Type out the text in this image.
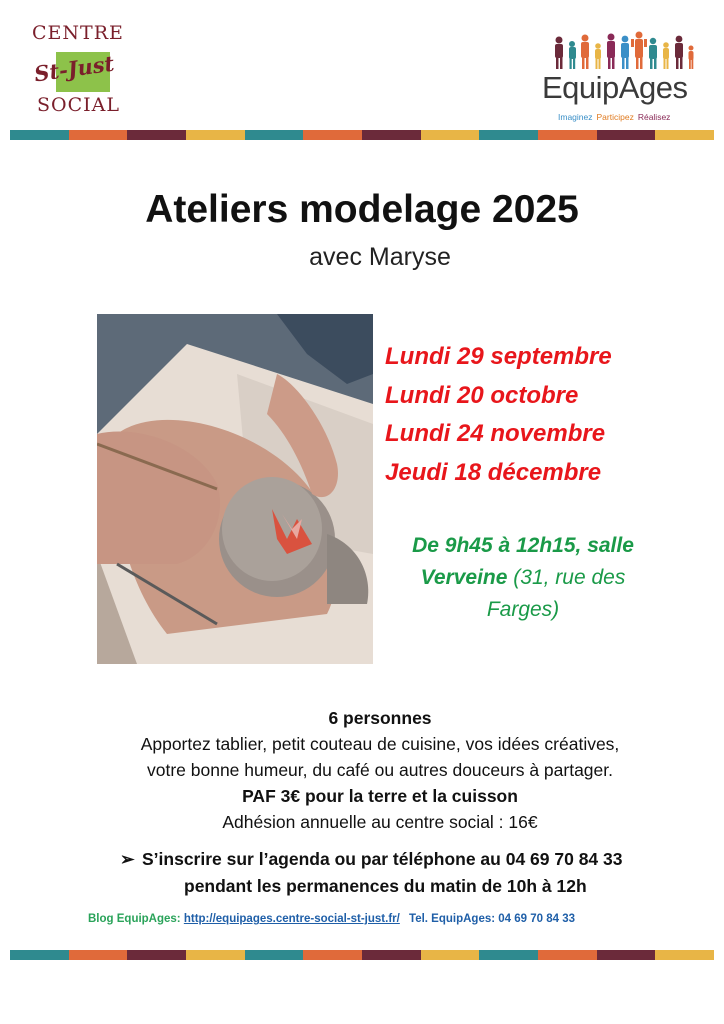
CENTRE
St-Just
SOCIAL	EquipAges
Imaginez Participez Réalisez
Ateliers modelage 2025
avec Maryse
Lundi 29 septembre
Lundi 20 octobre
Lundi 24 novembre
Jeudi 18 décembre
De 9h45 à 12h15, salle
Verveine (31, rue des
Farges)
6 personnes
Apportez tablier, petit couteau de cuisine, vos idées créatives,
votre bonne humeur, du café ou autres douceurs à partager.
PAF 3€ pour la terre et la cuisson
Adhésion annuelle au centre social : 16€
➢ S’inscrire sur l’agenda ou par téléphone au 04 69 70 84 33
pendant les permanences du matin de 10h à 12h
Blog EquipAges: http://equipages.centre-social-st-just.fr/ Tel. EquipAges: 04 69 70 84 33
